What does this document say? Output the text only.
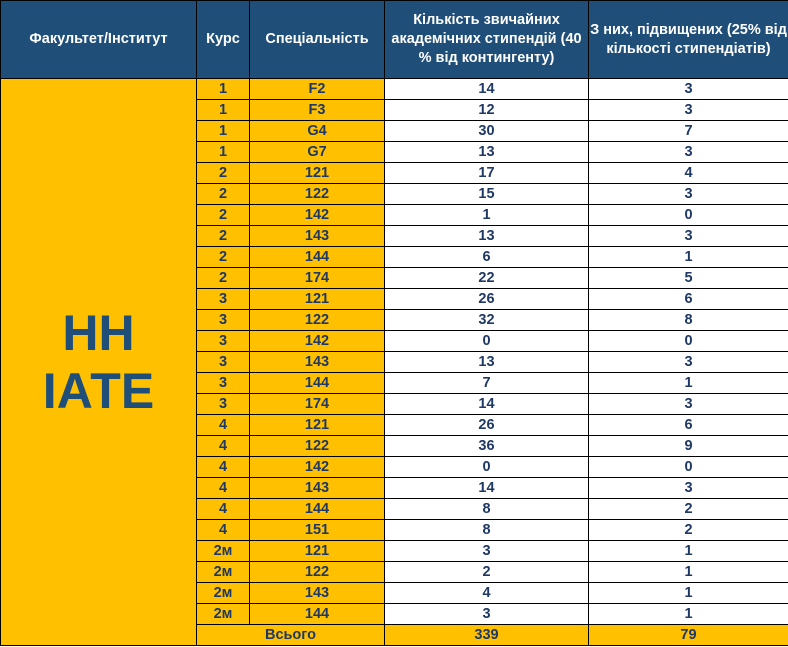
Факультет/Інститут	Курс	Спеціальність	Кількість звичайних академічних стипендій (40 % від контингенту)	З них, підвищених (25% від кількості стипендіатів)
НН ІАТЕ	1	F2	14	3
	1	F3	12	3
	1	G4	30	7
	1	G7	13	3
	2	121	17	4
	2	122	15	3
	2	142	1	0
	2	143	13	3
	2	144	6	1
	2	174	22	5
	3	121	26	6
	3	122	32	8
	3	142	0	0
	3	143	13	3
	3	144	7	1
	3	174	14	3
	4	121	26	6
	4	122	36	9
	4	142	0	0
	4	143	14	3
	4	144	8	2
	4	151	8	2
	2м	121	3	1
	2м	122	2	1
	2м	143	4	1
	2м	144	3	1
	Всього		339	79
